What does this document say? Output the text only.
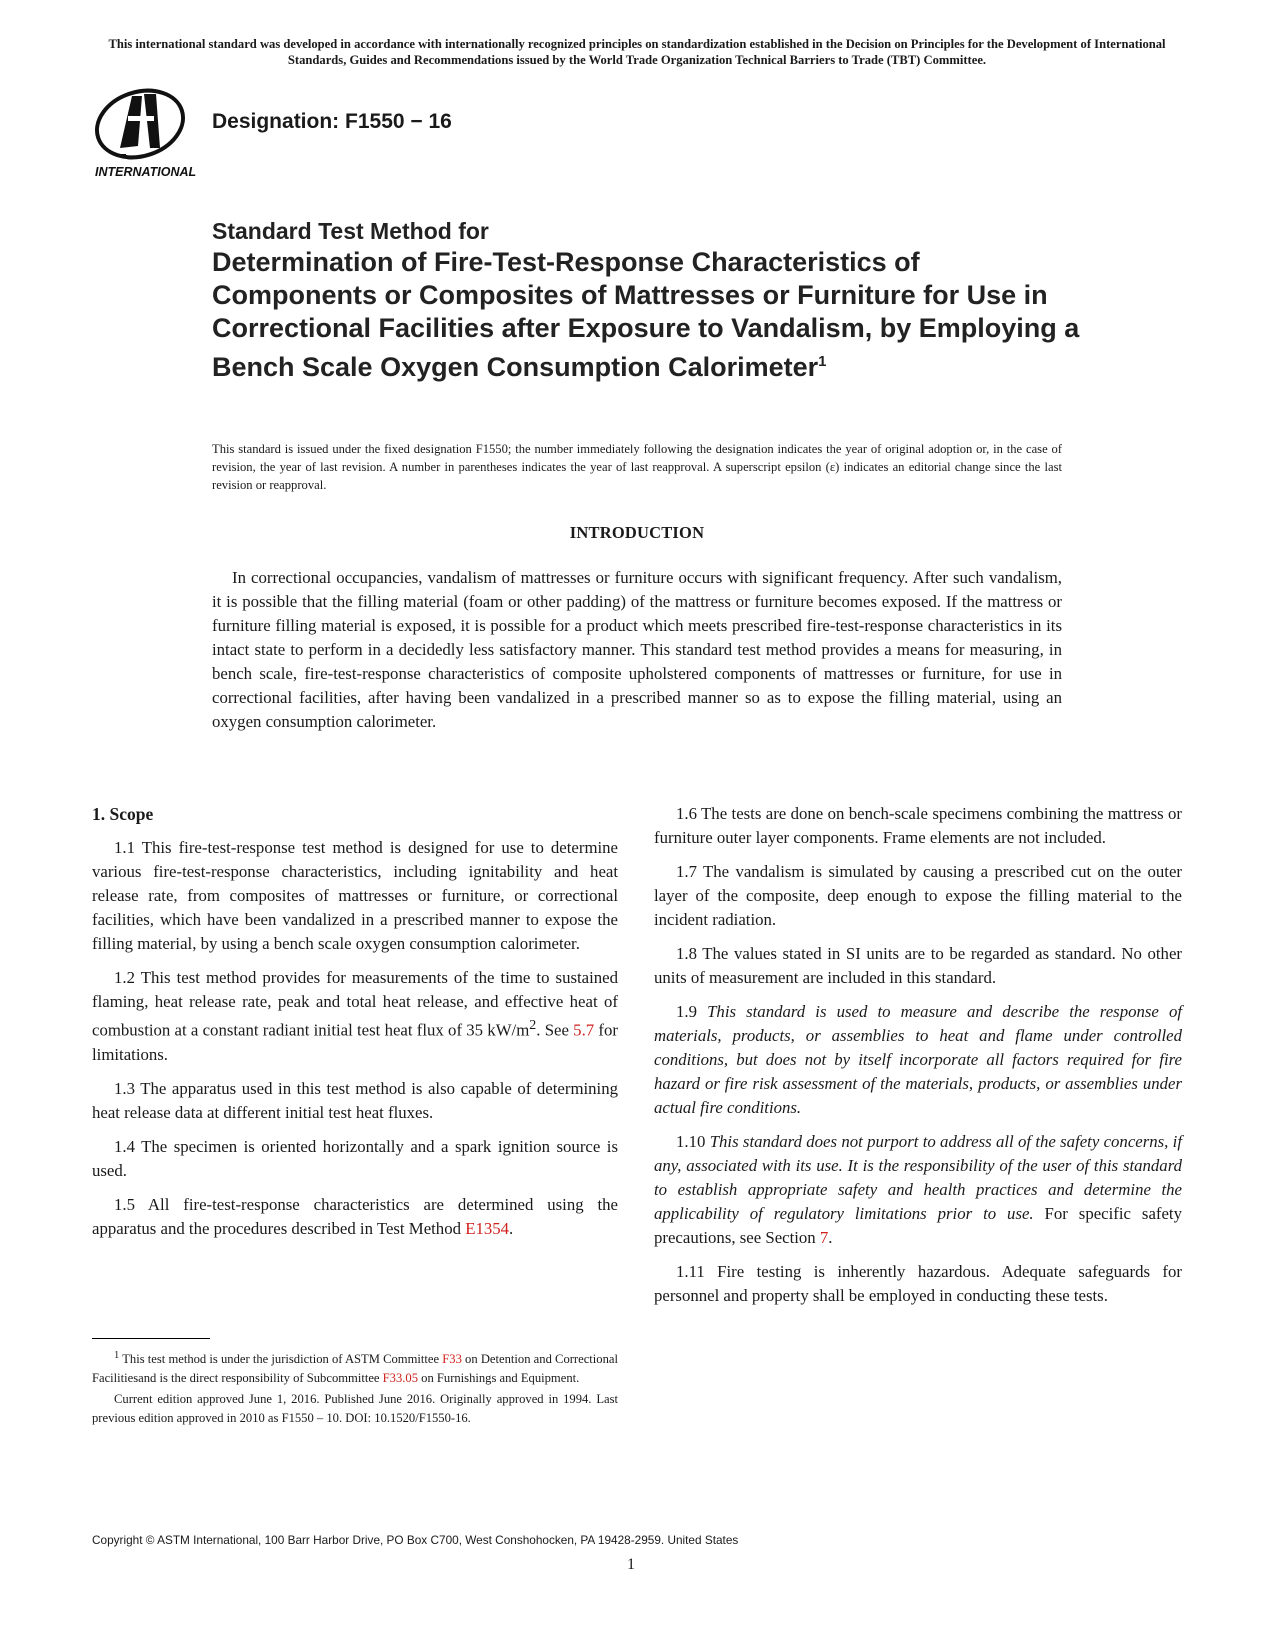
This international standard was developed in accordance with internationally recognized principles on standardization established in the Decision on Principles for the Development of International Standards, Guides and Recommendations issued by the World Trade Organization Technical Barriers to Trade (TBT) Committee.
INTERNATIONAL
Designation: F1550 − 16
Standard Test Method for
Determination of Fire-Test-Response Characteristics of Components or Composites of Mattresses or Furniture for Use in Correctional Facilities after Exposure to Vandalism, by Employing a Bench Scale Oxygen Consumption Calorimeter$^1$
This standard is issued under the fixed designation F1550; the number immediately following the designation indicates the year of original adoption or, in the case of revision, the year of last revision. A number in parentheses indicates the year of last reapproval. A superscript epsilon (ε) indicates an editorial change since the last revision or reapproval.
INTRODUCTION
In correctional occupancies, vandalism of mattresses or furniture occurs with significant frequency. After such vandalism, it is possible that the filling material (foam or other padding) of the mattress or furniture becomes exposed. If the mattress or furniture filling material is exposed, it is possible for a product which meets prescribed fire-test-response characteristics in its intact state to perform in a decidedly less satisfactory manner. This standard test method provides a means for measuring, in bench scale, fire-test-response characteristics of composite upholstered components of mattresses or furniture, for use in correctional facilities, after having been vandalized in a prescribed manner so as to expose the filling material, using an oxygen consumption calorimeter.

1. Scope

1.1 This fire-test-response test method is designed for use to determine various fire-test-response characteristics, including ignitability and heat release rate, from composites of mattresses or furniture, or correctional facilities, which have been vandalized in a prescribed manner to expose the filling material, by using a bench scale oxygen consumption calorimeter.

1.2 This test method provides for measurements of the time to sustained flaming, heat release rate, peak and total heat release, and effective heat of combustion at a constant radiant initial test heat flux of 35 $kW/m^2$. See 5.7 for limitations.

1.3 The apparatus used in this test method is also capable of determining heat release data at different initial test heat fluxes.

1.4 The specimen is oriented horizontally and a spark ignition source is used.

1.5 All fire-test-response characteristics are determined using the apparatus and the procedures described in Test Method E1354.

$^1$ This test method is under the jurisdiction of ASTM Committee F33 on Detention and Correctional Facilitiesand is the direct responsibility of Subcommittee F33.05 on Furnishings and Equipment.

Current edition approved June 1, 2016. Published June 2016. Originally approved in 1994. Last previous edition approved in 2010 as F1550 – 10. DOI: 10.1520/F1550-16.

1.6 The tests are done on bench-scale specimens combining the mattress or furniture outer layer components. Frame elements are not included.

1.7 The vandalism is simulated by causing a prescribed cut on the outer layer of the composite, deep enough to expose the filling material to the incident radiation.

1.8 The values stated in SI units are to be regarded as standard. No other units of measurement are included in this standard.

1.9 This standard is used to measure and describe the response of materials, products, or assemblies to heat and flame under controlled conditions, but does not by itself incorporate all factors required for fire hazard or fire risk assessment of the materials, products, or assemblies under actual fire conditions.

1.10 This standard does not purport to address all of the safety concerns, if any, associated with its use. It is the responsibility of the user of this standard to establish appropriate safety and health practices and determine the applicability of regulatory limitations prior to use. For specific safety precautions, see Section 7.

1.11 Fire testing is inherently hazardous. Adequate safeguards for personnel and property shall be employed in conducting these tests.

Copyright © ASTM International, 100 Barr Harbor Drive, PO Box C700, West Conshohocken, PA 19428-2959. United States
1
